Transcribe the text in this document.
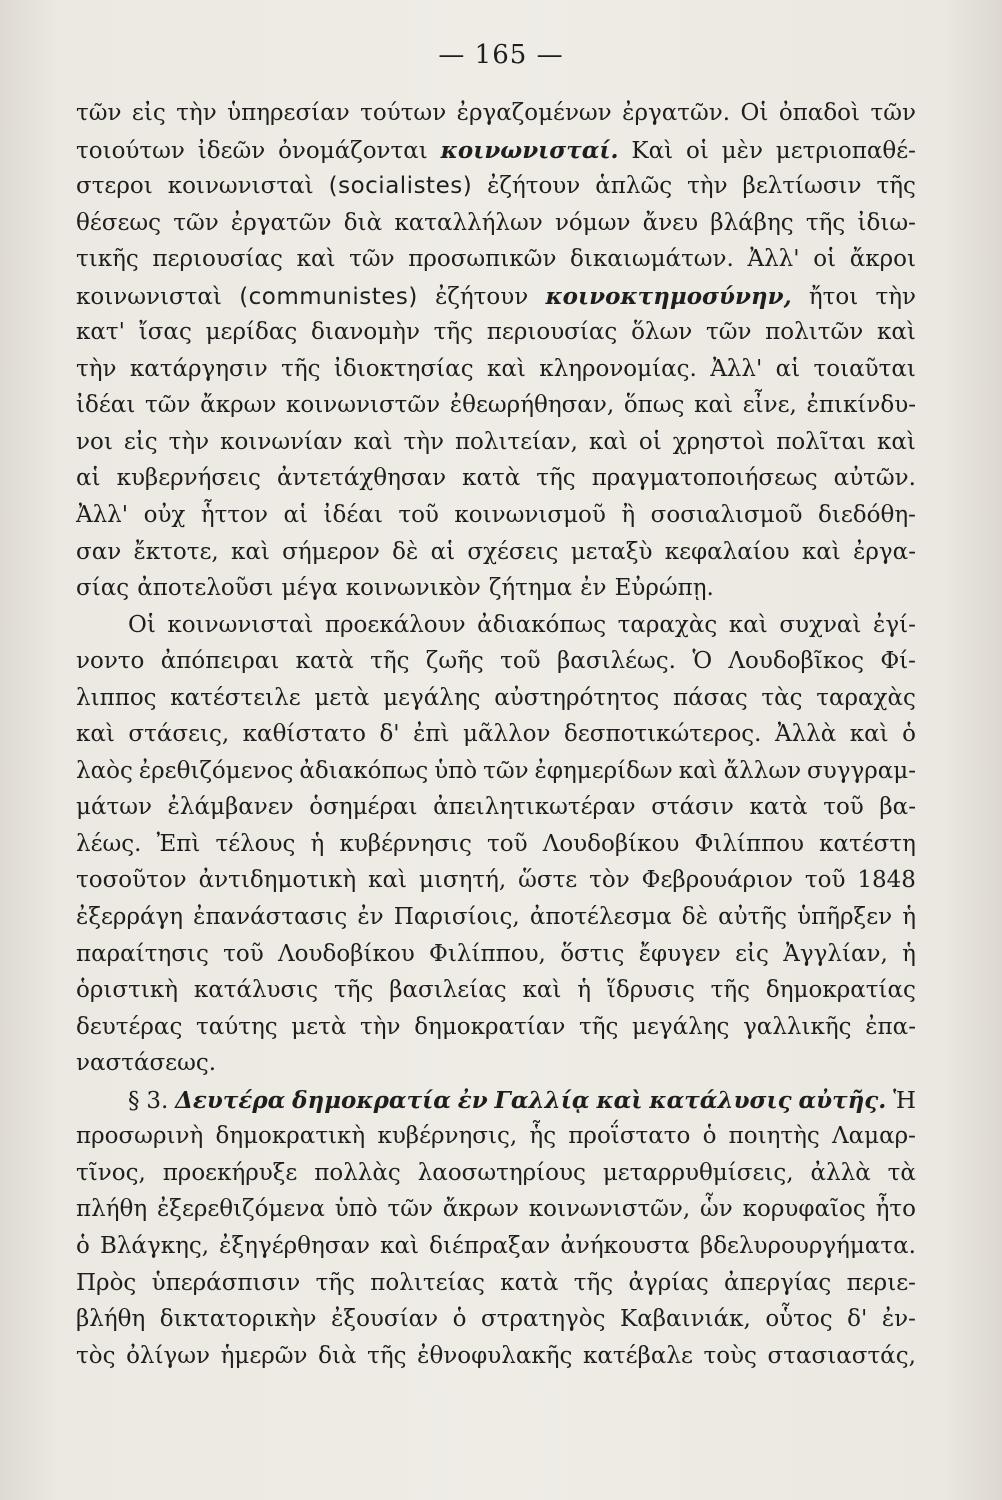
— 165 —
τῶν εἰς τὴν ὑπηρεσίαν τούτων ἐργαζομένων ἐργατῶν. Οἱ ὀπαδοὶ τῶν
τοιούτων ἰδεῶν ὀνομάζονται κοινωνισταί. Καὶ οἱ μὲν μετριοπαθέ-
στεροι κοινωνισταὶ (socialistes) ἐζήτουν ἁπλῶς τὴν βελτίωσιν τῆς
θέσεως τῶν ἐργατῶν διὰ καταλλήλων νόμων ἄνευ βλάβης τῆς ἰδιω-
τικῆς περιουσίας καὶ τῶν προσωπικῶν δικαιωμάτων. Ἀλλ' οἱ ἄκροι
κοινωνισταὶ (communistes) ἐζήτουν κοινοκτημοσύνην, ἤτοι τὴν
κατ' ἴσας μερίδας διανομὴν τῆς περιουσίας ὅλων τῶν πολιτῶν καὶ
τὴν κατάργησιν τῆς ἰδιοκτησίας καὶ κληρονομίας. Ἀλλ' αἱ τοιαῦται
ἰδέαι τῶν ἄκρων κοινωνιστῶν ἐθεωρήθησαν, ὅπως καὶ εἶνε, ἐπικίνδυ-
νοι εἰς τὴν κοινωνίαν καὶ τὴν πολιτείαν, καὶ οἱ χρηστοὶ πολῖται καὶ
αἱ κυβερνήσεις ἀντετάχθησαν κατὰ τῆς πραγματοποιήσεως αὐτῶν.
Ἀλλ' οὐχ ἧττον αἱ ἰδέαι τοῦ κοινωνισμοῦ ἢ σοσιαλισμοῦ διεδόθη-
σαν ἔκτοτε, καὶ σήμερον δὲ αἱ σχέσεις μεταξὺ κεφαλαίου καὶ ἐργα-
σίας ἀποτελοῦσι μέγα κοινωνικὸν ζήτημα ἐν Εὐρώπῃ.
Οἱ κοινωνισταὶ προεκάλουν ἀδιακόπως ταραχὰς καὶ συχναὶ ἐγί-
νοντο ἀπόπειραι κατὰ τῆς ζωῆς τοῦ βασιλέως. Ὁ Λουδοβῖκος Φί-
λιππος κατέστειλε μετὰ μεγάλης αὐστηρότητος πάσας τὰς ταραχὰς
καὶ στάσεις, καθίστατο δ' ἐπὶ μᾶλλον δεσποτικώτερος. Ἀλλὰ καὶ ὁ
λαὸς ἐρεθιζόμενος ἀδιακόπως ὑπὸ τῶν ἐφημερίδων καὶ ἄλλων συγγραμ-
μάτων ἐλάμβανεν ὁσημέραι ἀπειλητικωτέραν στάσιν κατὰ τοῦ βα-
λέως. Ἐπὶ τέλους ἡ κυβέρνησις τοῦ Λουδοβίκου Φιλίππου κατέστη
τοσοῦτον ἀντιδημοτικὴ καὶ μισητή, ὥστε τὸν Φεβρουάριον τοῦ 1848
ἐξερράγη ἐπανάστασις ἐν Παρισίοις, ἀποτέλεσμα δὲ αὐτῆς ὑπῆρξεν ἡ
παραίτησις τοῦ Λουδοβίκου Φιλίππου, ὅστις ἔφυγεν εἰς Ἀγγλίαν, ἡ
ὁριστικὴ κατάλυσις τῆς βασιλείας καὶ ἡ ἵδρυσις τῆς δημοκρατίας
δευτέρας ταύτης μετὰ τὴν δημοκρατίαν τῆς μεγάλης γαλλικῆς ἐπα-
ναστάσεως.
§ 3. Δευτέρα δημοκρατία ἐν Γαλλίᾳ καὶ κατάλυσις αὐτῆς. Ἡ
προσωρινὴ δημοκρατικὴ κυβέρνησις, ἧς προΐστατο ὁ ποιητὴς Λαμαρ-
τῖνος, προεκήρυξε πολλὰς λαοσωτηρίους μεταρρυθμίσεις, ἀλλὰ τὰ
πλήθη ἐξερεθιζόμενα ὑπὸ τῶν ἄκρων κοινωνιστῶν, ὧν κορυφαῖος ἦτο
ὁ Βλάγκης, ἐξηγέρθησαν καὶ διέπραξαν ἀνήκουστα βδελυρουργήματα.
Πρὸς ὑπεράσπισιν τῆς πολιτείας κατὰ τῆς ἀγρίας ἀπεργίας περιε-
βλήθη δικτατορικὴν ἐξουσίαν ὁ στρατηγὸς Καβαινιάκ, οὗτος δ' ἐν-
τὸς ὀλίγων ἡμερῶν διὰ τῆς ἐθνοφυλακῆς κατέβαλε τοὺς στασιαστάς,
